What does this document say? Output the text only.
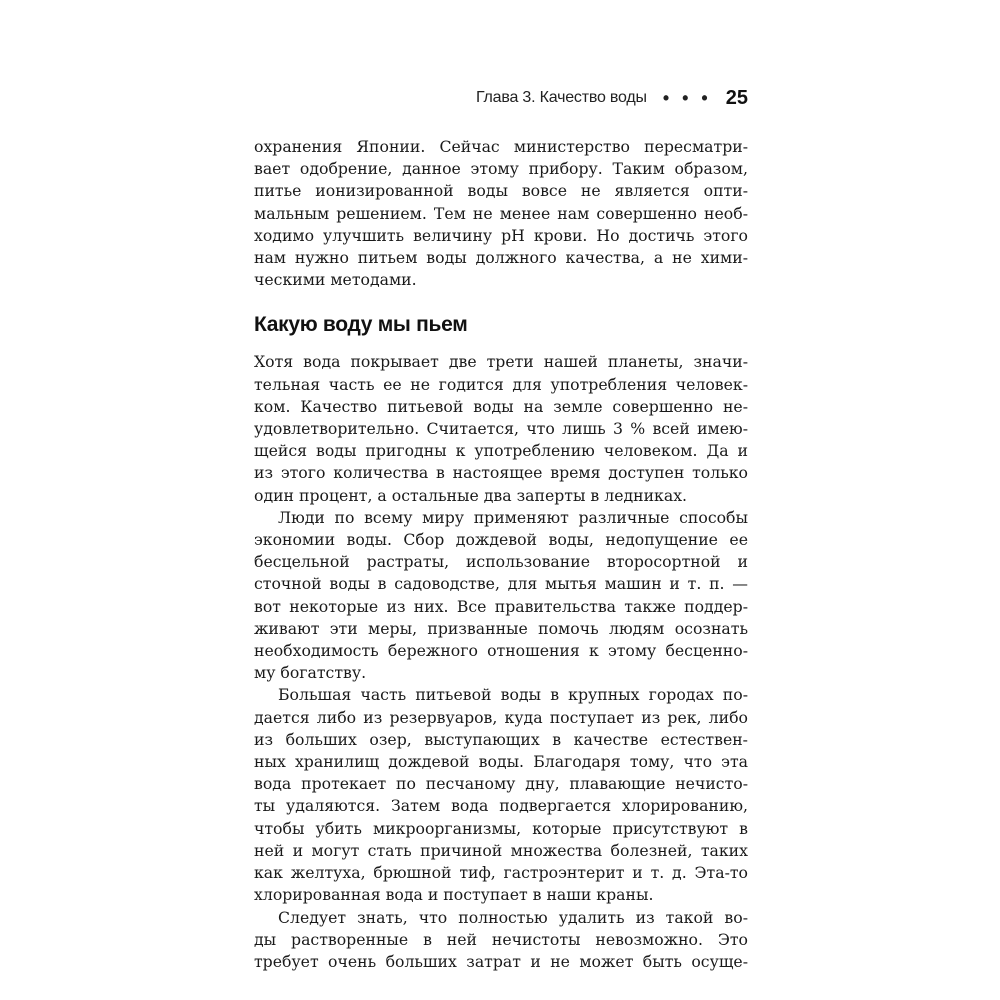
Глава 3. Качество воды • • • 25

охранения Японии. Сейчас министерство пересматри-
вает одобрение, данное этому прибору. Таким образом,
питье ионизированной воды вовсе не является опти-
мальным решением. Тем не менее нам совершенно необ-
ходимо улучшить величину pH крови. Но достичь этого
нам нужно питьем воды должного качества, а не хими-
ческими методами.

Какую воду мы пьем

Хотя вода покрывает две трети нашей планеты, значи-
тельная часть ее не годится для употребления человек-
ком. Качество питьевой воды на земле совершенно не-
удовлетворительно. Считается, что лишь 3 % всей имею-
щейся воды пригодны к употреблению человеком. Да и
из этого количества в настоящее время доступен только
один процент, а остальные два заперты в ледниках.

Люди по всему миру применяют различные способы
экономии воды. Сбор дождевой воды, недопущение ее
бесцельной растраты, использование второсортной и
сточной воды в садоводстве, для мытья машин и т. п. —
вот некоторые из них. Все правительства также поддер-
живают эти меры, призванные помочь людям осознать
необходимость бережного отношения к этому бесценно-
му богатству.

Большая часть питьевой воды в крупных городах по-
дается либо из резервуаров, куда поступает из рек, либо
из больших озер, выступающих в качестве естествен-
ных хранилищ дождевой воды. Благодаря тому, что эта
вода протекает по песчаному дну, плавающие нечисто-
ты удаляются. Затем вода подвергается хлорированию,
чтобы убить микроорганизмы, которые присутствуют в
ней и могут стать причиной множества болезней, таких
как желтуха, брюшной тиф, гастроэнтерит и т. д. Эта-то
хлорированная вода и поступает в наши краны.

Следует знать, что полностью удалить из такой во-
ды растворенные в ней нечистоты невозможно. Это
требует очень больших затрат и не может быть осуще-
